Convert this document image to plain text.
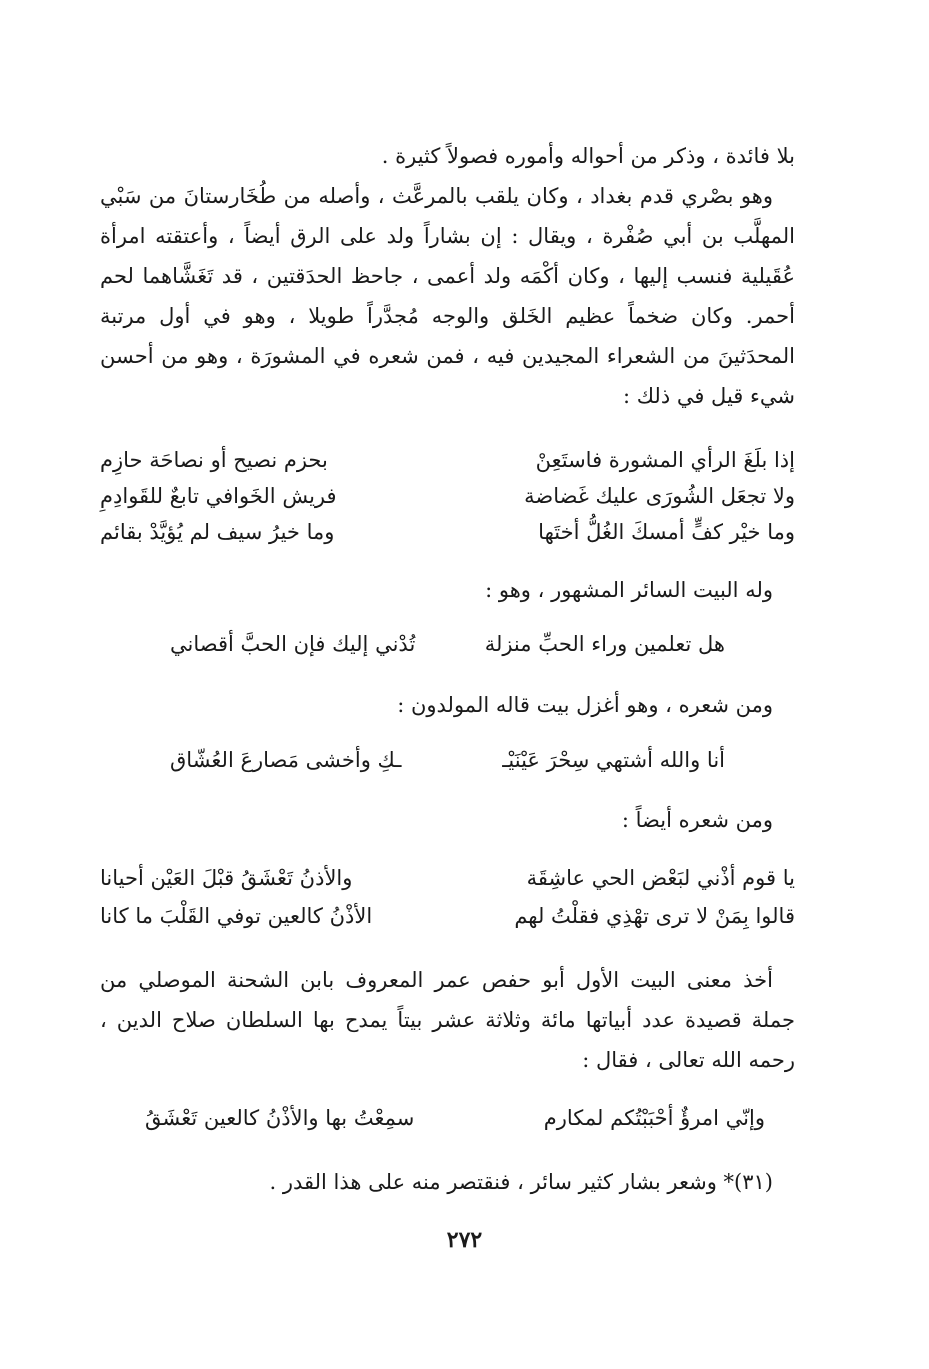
بلا فائدة ، وذكر من أحواله وأموره فصولاً كثيرة .
وهو بصْري قدم بغداد ، وكان يلقب بالمرعَّث ، وأصله من طُخَارستانَ من سَبْي المهلَّب بن أبي صُفْرة ، ويقال : إن بشاراً ولد على الرق أيضاً ، وأعتقته امرأة عُقَيلية فنسب إليها ، وكان أكْمَه ولد أعمى ، جاحظ الحدَقتين ، قد تَغَشَّاهما لحم أحمر. وكان ضخماً عظيم الخَلق والوجه مُجدَّراً طويلا ، وهو في أول مرتبة المحدَثينَ من الشعراء المجيدين فيه ، فمن شعره في المشورَة ، وهو من أحسن شيء قيل في ذلك :
إذا بلَغَ الرأي المشورة فاستَعِنْ
بحزم نصيح أو نصاحَة حازِم
ولا تجعَل الشُورَى عليك غَضاضة
فريش الخَوافي تابعٌ للقَوادِمِ
وما خيْر كفٍّ أمسكَ الغُلُّ أختَها
وما خيرُ سيف لم يُؤيَّدْ بقائم
وله البيت السائر المشهور ، وهو :
هل تعلمين وراء الحبِّ منزلة
تُدْني إليك فإن الحبَّ أقصاني
ومن شعره ، وهو أغزل بيت قاله المولدون :
أنا والله أشتهي سِحْرَ عَيْنَيْـ
ـكِ وأخشى مَصارعَ العُشّاق
ومن شعره أيضاً :
يا قوم أذْني لبَعْض الحي عاشِقَة
والأذنُ تَعْشَقُ قبْلَ العَيْن أحيانا
قالوا بِمَنْ لا ترى تهْذِي فقلْتُ لهم
الأذْنُ كالعين توفي القَلْبَ ما كانا
أخذ معنى البيت الأول أبو حفص عمر المعروف بابن الشحنة الموصلي من جملة قصيدة عدد أبياتها مائة وثلاثة عشر بيتاً يمدح بها السلطان صلاح الدين ، رحمه الله تعالى ، فقال :
وإنّي امرؤٌ أحْبَبْتُكم لمكارم
سمِعْتُ بها والأذْنُ كالعين تَعْشَقُ
(٣١)* وشعر بشار كثير سائر ، فنقتصر منه على هذا القدر .
٢٧٢
